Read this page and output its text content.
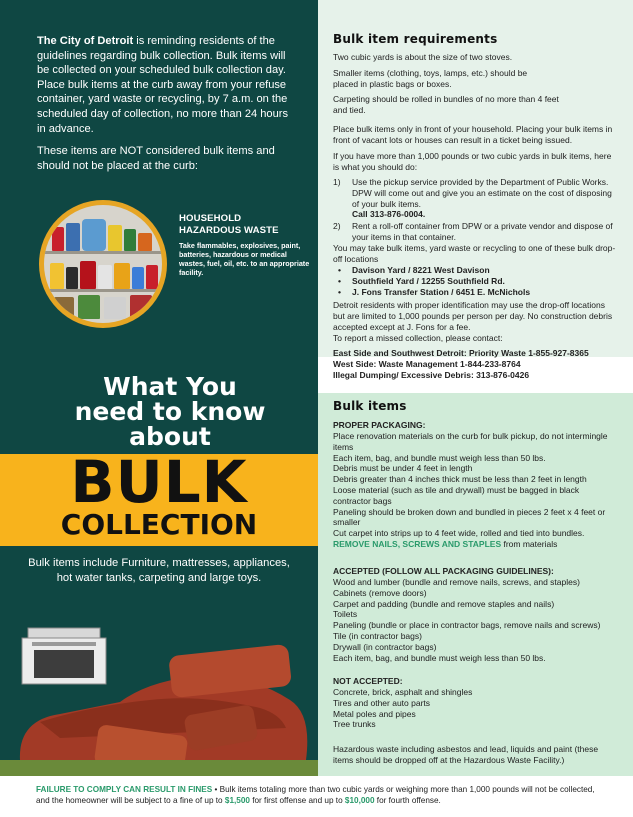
The City of Detroit is reminding residents of the guidelines regarding bulk collection. Bulk items will be collected on your scheduled bulk collection day. Place bulk items at the curb away from your refuse container, yard waste or recycling, by 7 a.m. on the scheduled day of collection, no more than 24 hours in advance.

These items are NOT considered bulk items and should not be placed at the curb:

HOUSEHOLD
HAZARDOUS WASTE

Take flammables, explosives, paint, batteries, hazardous or medical wastes, fuel, oil, etc. to an appropriate facility.

What You
need to know
about

Bulk items include Furniture, mattresses, appliances, hot water tanks, carpeting and large toys.

BULK
COLLECTION
Bulk item requirements

Two cubic yards is about the size of two stoves.

Smaller items (clothing, toys, lamps, etc.) should be
placed in plastic bags or boxes.

Carpeting should be rolled in bundles of no more than 4 feet
and tied.

Place bulk items only in front of your household. Placing your bulk items in front of vacant lots or houses can result in a ticket being issued.

If you have more than 1,000 pounds or two cubic yards in bulk items, here is what you should do:

1) Use the pickup service provided by the Department of Public Works. DPW will come out and give you an estimate on the cost of disposing of your bulk items.
Call 313-876-0004.
2) Rent a roll-off container from DPW or a private vendor and dispose of your items in that container.

You may take bulk items, yard waste or recycling to one of these bulk drop-off locations

• Davison Yard / 8221 West Davison
• Southfield Yard / 12255 Southfield Rd.
• J. Fons Transfer Station / 6451 E. McNichols

Detroit residents with proper identification may use the drop-off locations but are limited to 1,000 pounds per person per day. No construction debris accepted except at J. Fons for a fee.

To report a missed collection, please contact:

East Side and Southwest Detroit: Priority Waste 1-855-927-8365

West Side: Waste Management 1-844-233-8764

Illegal Dumping/ Excessive Debris: 313-876-0426

Bulk items

PROPER PACKAGING:

Place renovation materials on the curb for bulk pickup, do not intermingle items
Each item, bag, and bundle must weigh less than 50 lbs.
Debris must be under 4 feet in length
Debris greater than 4 inches thick must be less than 2 feet in length
Loose material (such as tile and drywall) must be bagged in black contractor bags
Paneling should be broken down and bundled in pieces 2 feet x 4 feet or smaller
Cut carpet into strips up to 4 feet wide, rolled and tied into bundles.
REMOVE NAILS, SCREWS AND STAPLES from materials

ACCEPTED (FOLLOW ALL PACKAGING GUIDELINES):

Wood and lumber (bundle and remove nails, screws, and staples)
Cabinets (remove doors)
Carpet and padding (bundle and remove staples and nails)
Toilets
Paneling (bundle or place in contractor bags, remove nails and screws)
Tile (in contractor bags)
Drywall (in contractor bags)
Each item, bag, and bundle must weigh less than 50 lbs.

NOT ACCEPTED:

Concrete, brick, asphalt and shingles
Tires and other auto parts
Metal poles and pipes
Tree trunks

Hazardous waste including asbestos and lead, liquids and paint (these items should be dropped off at the Hazardous Waste Facility.)

FAILURE TO COMPLY CAN RESULT IN FINES • Bulk items totaling more than two cubic yards or weighing more than 1,000 pounds will not be collected,
and the homeowner will be subject to a fine of up to $1,500 for first offense and up to $10,000 for fourth offense.
